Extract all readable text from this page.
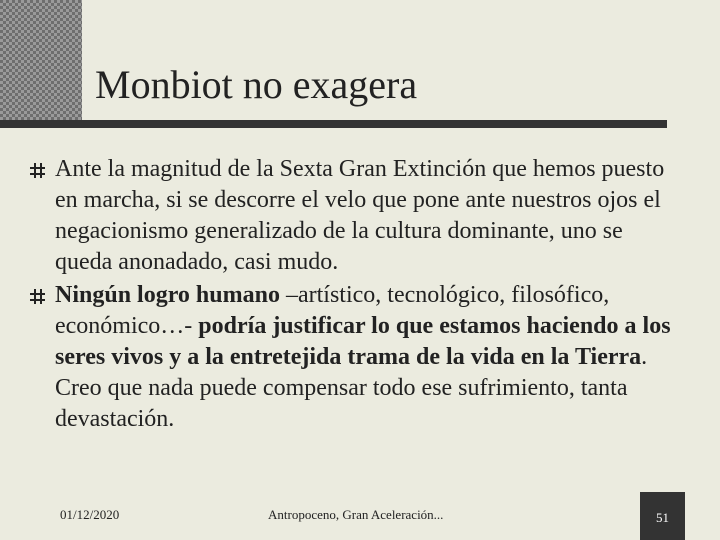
Monbiot no exagera
Ante la magnitud de la Sexta Gran Extinción que hemos puesto en marcha, si se descorre el velo que pone ante nuestros ojos el negacionismo generalizado de la cultura dominante, uno se queda anonadado, casi mudo.
Ningún logro humano –artístico, tecnológico, filosófico, económico…- podría justificar lo que estamos haciendo a los seres vivos y a la entretejida trama de la vida en la Tierra. Creo que nada puede compensar todo ese sufrimiento, tanta devastación.
01/12/2020	Antropoceno, Gran Aceleración...	51
